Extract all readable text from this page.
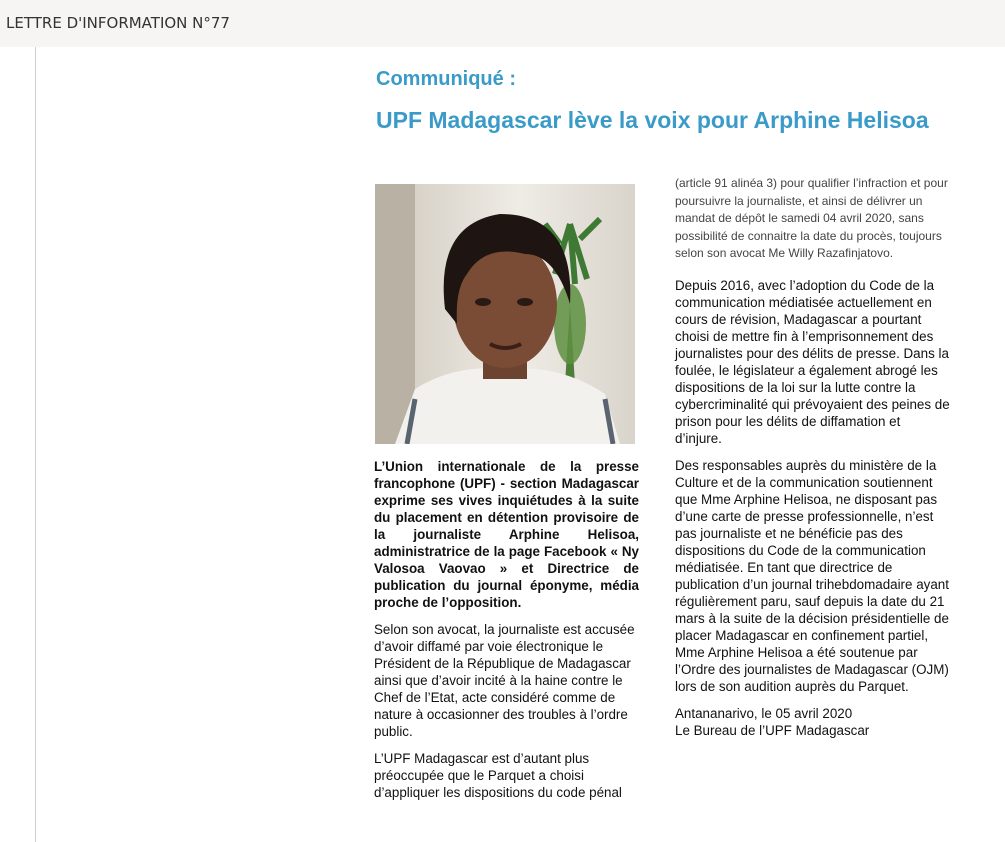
LETTRE D'INFORMATION N°77
Communiqué :
UPF Madagascar lève la voix pour Arphine Helisoa

L’Union internationale de la presse francophone (UPF) - section Madagascar exprime ses vives inquiétudes à la suite du placement en détention provisoire de la journaliste Arphine Helisoa, administratrice de la page Facebook « Ny Valosoa Vaovao » et Directrice de publication du journal éponyme, média proche de l’opposition.

Selon son avocat, la journaliste est accusée d’avoir diffamé par voie électronique le Président de la République de Madagascar ainsi que d’avoir incité à la haine contre le Chef de l’Etat, acte considéré comme de nature à occasionner des troubles à l’ordre public.

L’UPF Madagascar est d’autant plus préoccupée que le Parquet a choisi d’appliquer les dispositions du code pénal

(article 91 alinéa 3) pour qualifier l’infraction et pour poursuivre la journaliste, et ainsi de délivrer un mandat de dépôt le samedi 04 avril 2020, sans possibilité de connaitre la date du procès, toujours selon son avocat Me Willy Razafinjatovo.

Depuis 2016, avec l’adoption du Code de la communication médiatisée actuellement en cours de révision, Madagascar a pourtant choisi de mettre fin à l’emprisonnement des journalistes pour des délits de presse. Dans la foulée, le législateur a également abrogé les dispositions de la loi sur la lutte contre la cybercriminalité qui prévoyaient des peines de prison pour les délits de diffamation et d’injure.

Des responsables auprès du ministère de la Culture et de la communication soutiennent que Mme Arphine Helisoa, ne disposant pas d’une carte de presse professionnelle, n’est pas journaliste et ne bénéficie pas des dispositions du Code de la communication médiatisée. En tant que directrice de publication d’un journal trihebdomadaire ayant régulièrement paru, sauf depuis la date du 21 mars à la suite de la décision présidentielle de placer Madagascar en confinement partiel, Mme Arphine Helisoa a été soutenue par l’Ordre des journalistes de Madagascar (OJM) lors de son audition auprès du Parquet.

Antananarivo, le 05 avril 2020
Le Bureau de l’UPF Madagascar
